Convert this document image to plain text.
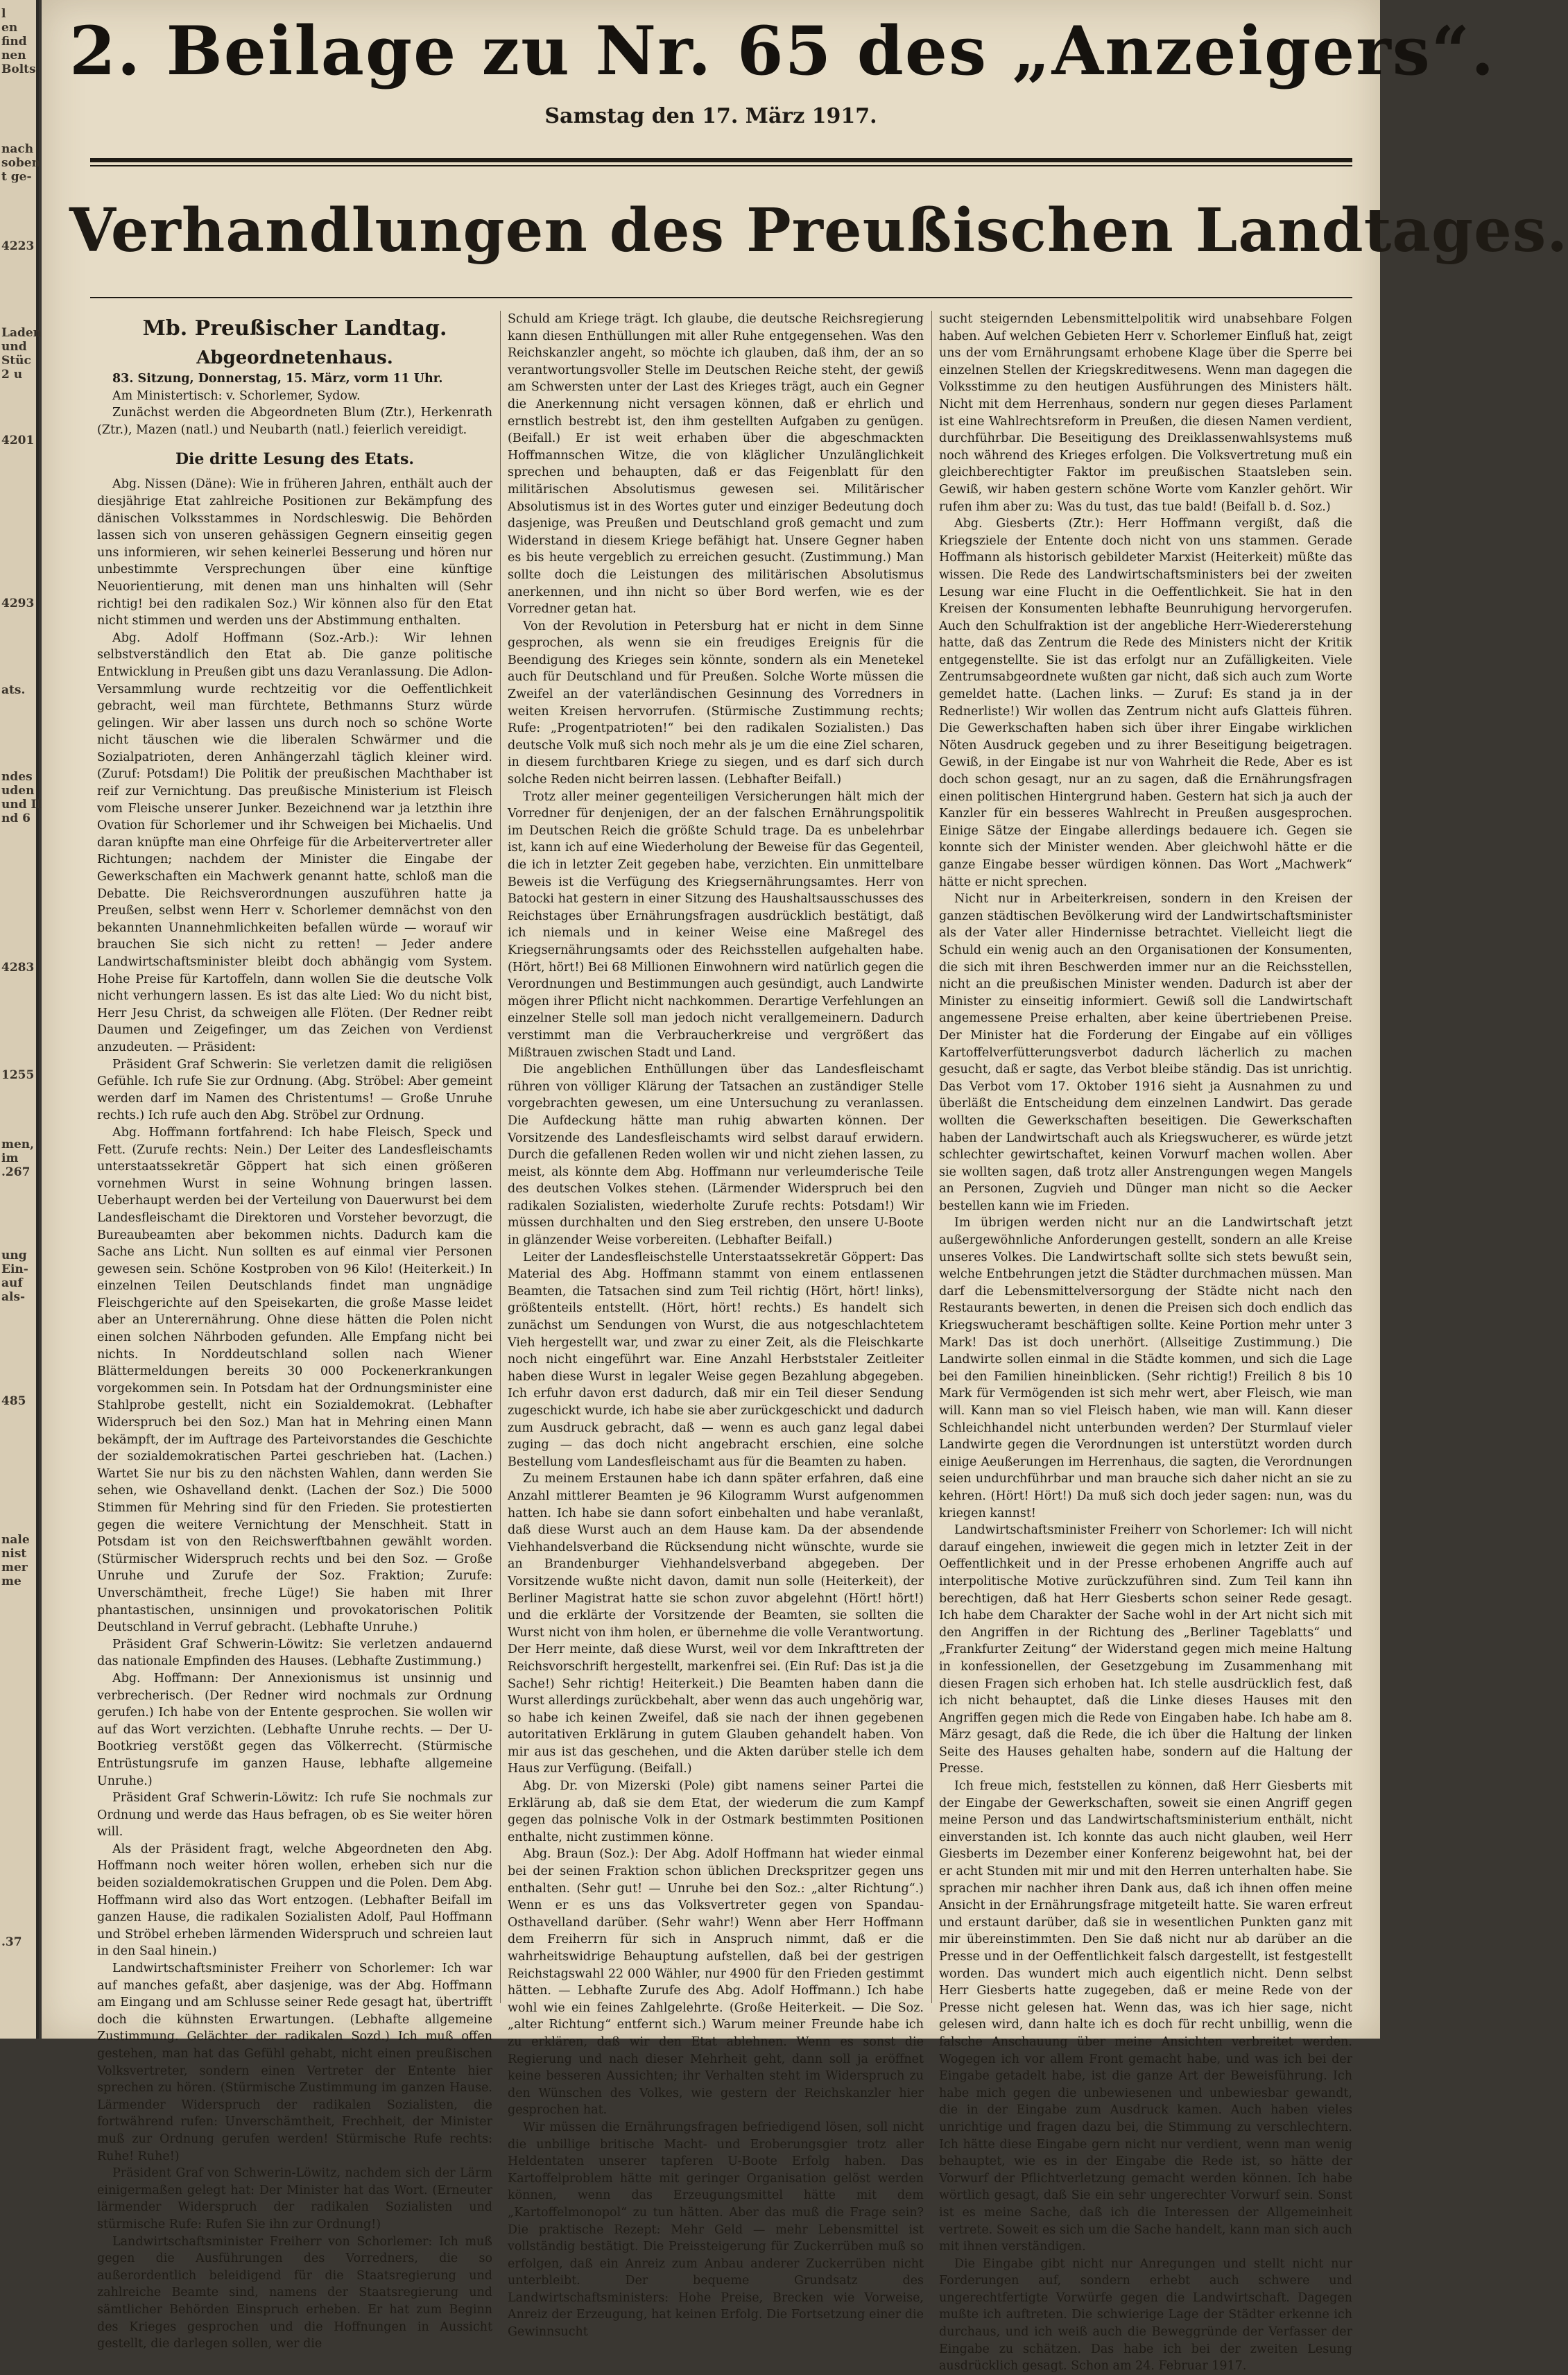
l
en
find
nen
Bolts
nach
soben
t ge-
4223
Laden
und
Stüc
2 u
4201
4293
ats.
ndes
uden
und II
nd 6
4283
1255
men,
im
.267
ung
Ein-
auf
als-
485
nale
nist
mer
me
.37
2. Beilage zu Nr. 65 des „Anzeigers“.
Samstag den 17. März 1917.
Verhandlungen des Preußischen Landtages.

Mb. Preußischer Landtag.

Abgeordnetenhaus.

83. Sitzung, Donnerstag, 15. März, vorm 11 Uhr.

Am Ministertisch: v. Schorlemer, Sydow.

Zunächst werden die Abgeordneten Blum (Ztr.), Herkenrath (Ztr.), Mazen (natl.) und Neubarth (natl.) feierlich vereidigt.

Die dritte Lesung des Etats.

Abg. Nissen (Däne): Wie in früheren Jahren, enthält auch der diesjährige Etat zahlreiche Positionen zur Bekämpfung des dänischen Volksstammes in Nordschleswig. Die Behörden lassen sich von unseren gehässigen Gegnern einseitig gegen uns informieren, wir sehen keinerlei Besserung und hören nur unbestimmte Versprechungen über eine künftige Neuorientierung, mit denen man uns hinhalten will (Sehr richtig! bei den radikalen Soz.) Wir können also für den Etat nicht stimmen und werden uns der Abstimmung enthalten.

Abg. Adolf Hoffmann (Soz.-Arb.): Wir lehnen selbstverständlich den Etat ab. Die ganze politische Entwicklung in Preußen gibt uns dazu Veranlassung. Die Adlon-Versammlung wurde rechtzeitig vor die Oeffentlichkeit gebracht, weil man fürchtete, Bethmanns Sturz würde gelingen. Wir aber lassen uns durch noch so schöne Worte nicht täuschen wie die liberalen Schwärmer und die Sozialpatrioten, deren Anhängerzahl täglich kleiner wird. (Zuruf: Potsdam!) Die Politik der preußischen Machthaber ist reif zur Vernichtung. Das preußische Ministerium ist Fleisch vom Fleische unserer Junker. Bezeichnend war ja letzthin ihre Ovation für Schorlemer und ihr Schweigen bei Michaelis. Und daran knüpfte man eine Ohrfeige für die Arbeitervertreter aller Richtungen; nachdem der Minister die Eingabe der Gewerkschaften ein Machwerk genannt hatte, schloß man die Debatte. Die Reichsverordnungen auszuführen hatte ja Preußen, selbst wenn Herr v. Schorlemer demnächst von den bekannten Unannehmlichkeiten befallen würde — worauf wir brauchen Sie sich nicht zu retten! — Jeder andere Landwirtschaftsminister bleibt doch abhängig vom System. Hohe Preise für Kartoffeln, dann wollen Sie die deutsche Volk nicht verhungern lassen. Es ist das alte Lied: Wo du nicht bist, Herr Jesu Christ, da schweigen alle Flöten. (Der Redner reibt Daumen und Zeigefinger, um das Zeichen von Verdienst anzudeuten. — Präsident:

Präsident Graf Schwerin: Sie verletzen damit die religiösen Gefühle. Ich rufe Sie zur Ordnung. (Abg. Ströbel: Aber gemeint werden darf im Namen des Christentums! — Große Unruhe rechts.) Ich rufe auch den Abg. Ströbel zur Ordnung.

Abg. Hoffmann fortfahrend: Ich habe Fleisch, Speck und Fett. (Zurufe rechts: Nein.) Der Leiter des Landesfleischamts unterstaatssekretär Göppert hat sich einen größeren vornehmen Wurst in seine Wohnung bringen lassen. Ueberhaupt werden bei der Verteilung von Dauerwurst bei dem Landesfleischamt die Direktoren und Vorsteher bevorzugt, die Bureaubeamten aber bekommen nichts. Dadurch kam die Sache ans Licht. Nun sollten es auf einmal vier Personen gewesen sein. Schöne Kostproben von 96 Kilo! (Heiterkeit.) In einzelnen Teilen Deutschlands findet man ungnädige Fleischgerichte auf den Speisekarten, die große Masse leidet aber an Unterernährung. Ohne diese hätten die Polen nicht einen solchen Nährboden gefunden. Alle Empfang nicht bei nichts. In Norddeutschland sollen nach Wiener Blättermeldungen bereits 30 000 Pockenerkrankungen vorgekommen sein. In Potsdam hat der Ordnungsminister eine Stahlprobe gestellt, nicht ein Sozialdemokrat. (Lebhafter Widerspruch bei den Soz.) Man hat in Mehring einen Mann bekämpft, der im Auftrage des Parteivorstandes die Geschichte der sozialdemokratischen Partei geschrieben hat. (Lachen.) Wartet Sie nur bis zu den nächsten Wahlen, dann werden Sie sehen, wie Oshavelland denkt. (Lachen der Soz.) Die 5000 Stimmen für Mehring sind für den Frieden. Sie protestierten gegen die weitere Vernichtung der Menschheit. Statt in Potsdam ist von den Reichswerftbahnen gewählt worden. (Stürmischer Widerspruch rechts und bei den Soz. — Große Unruhe und Zurufe der Soz. Fraktion; Zurufe: Unverschämtheit, freche Lüge!) Sie haben mit Ihrer phantastischen, unsinnigen und provokatorischen Politik Deutschland in Verruf gebracht. (Lebhafte Unruhe.)

Präsident Graf Schwerin-Löwitz: Sie verletzen andauernd das nationale Empfinden des Hauses. (Lebhafte Zustimmung.)

Abg. Hoffmann: Der Annexionismus ist unsinnig und verbrecherisch. (Der Redner wird nochmals zur Ordnung gerufen.) Ich habe von der Entente gesprochen. Sie wollen wir auf das Wort verzichten. (Lebhafte Unruhe rechts. — Der U-Bootkrieg verstößt gegen das Völkerrecht. (Stürmische Entrüstungsrufe im ganzen Hause, lebhafte allgemeine Unruhe.)

Präsident Graf Schwerin-Löwitz: Ich rufe Sie nochmals zur Ordnung und werde das Haus befragen, ob es Sie weiter hören will.

Als der Präsident fragt, welche Abgeordneten den Abg. Hoffmann noch weiter hören wollen, erheben sich nur die beiden sozialdemokratischen Gruppen und die Polen. Dem Abg. Hoffmann wird also das Wort entzogen. (Lebhafter Beifall im ganzen Hause, die radikalen Sozialisten Adolf, Paul Hoffmann und Ströbel erheben lärmenden Widerspruch und schreien laut in den Saal hinein.)

Landwirtschaftsminister Freiherr von Schorlemer: Ich war auf manches gefaßt, aber dasjenige, was der Abg. Hoffmann am Eingang und am Schlusse seiner Rede gesagt hat, übertrifft doch die kühnsten Erwartungen. (Lebhafte allgemeine Zustimmung. Gelächter der radikalen Sozd.) Ich muß offen gestehen, man hat das Gefühl gehabt, nicht einen preußischen Volksvertreter, sondern einen Vertreter der Entente hier sprechen zu hören. (Stürmische Zustimmung im ganzen Hause. Lärmender Widerspruch der radikalen Sozialisten, die fortwährend rufen: Unverschämtheit, Frechheit, der Minister muß zur Ordnung gerufen werden! Stürmische Rufe rechts: Ruhe! Ruhe!)

Präsident Graf von Schwerin-Löwitz, nachdem sich der Lärm einigermaßen gelegt hat: Der Minister hat das Wort. (Erneuter lärmender Widerspruch der radikalen Sozialisten und stürmische Rufe: Rufen Sie ihn zur Ordnung!)

Landwirtschaftsminister Freiherr von Schorlemer: Ich muß gegen die Ausführungen des Vorredners, die so außerordentlich beleidigend für die Staatsregierung und zahlreiche Beamte sind, namens der Staatsregierung und sämtlicher Behörden Einspruch erheben. Er hat zum Beginn des Krieges gesprochen und die Hoffnungen in Aussicht gestellt, die darlegen sollen, wer die

Schuld am Kriege trägt. Ich glaube, die deutsche Reichsregierung kann diesen Enthüllungen mit aller Ruhe entgegensehen. Was den Reichskanzler angeht, so möchte ich glauben, daß ihm, der an so verantwortungsvoller Stelle im Deutschen Reiche steht, der gewiß am Schwersten unter der Last des Krieges trägt, auch ein Gegner die Anerkennung nicht versagen können, daß er ehrlich und ernstlich bestrebt ist, den ihm gestellten Aufgaben zu genügen. (Beifall.) Er ist weit erhaben über die abgeschmackten Hoffmannschen Witze, die von kläglicher Unzulänglichkeit sprechen und behaupten, daß er das Feigenblatt für den militärischen Absolutismus gewesen sei. Militärischer Absolutismus ist in des Wortes guter und einziger Bedeutung doch dasjenige, was Preußen und Deutschland groß gemacht und zum Widerstand in diesem Kriege befähigt hat. Unsere Gegner haben es bis heute vergeblich zu erreichen gesucht. (Zustimmung.) Man sollte doch die Leistungen des militärischen Absolutismus anerkennen, und ihn nicht so über Bord werfen, wie es der Vorredner getan hat.

Von der Revolution in Petersburg hat er nicht in dem Sinne gesprochen, als wenn sie ein freudiges Ereignis für die Beendigung des Krieges sein könnte, sondern als ein Menetekel auch für Deutschland und für Preußen. Solche Worte müssen die Zweifel an der vaterländischen Gesinnung des Vorredners in weiten Kreisen hervorrufen. (Stürmische Zustimmung rechts; Rufe: „Progentpatrioten!“ bei den radikalen Sozialisten.) Das deutsche Volk muß sich noch mehr als je um die eine Ziel scharen, in diesem furchtbaren Kriege zu siegen, und es darf sich durch solche Reden nicht beirren lassen. (Lebhafter Beifall.)

Trotz aller meiner gegenteiligen Versicherungen hält mich der Vorredner für denjenigen, der an der falschen Ernährungspolitik im Deutschen Reich die größte Schuld trage. Da es unbelehrbar ist, kann ich auf eine Wiederholung der Beweise für das Gegenteil, die ich in letzter Zeit gegeben habe, verzichten. Ein unmittelbare Beweis ist die Verfügung des Kriegsernährungsamtes. Herr von Batocki hat gestern in einer Sitzung des Haushaltsausschusses des Reichstages über Ernährungsfragen ausdrücklich bestätigt, daß ich niemals und in keiner Weise eine Maßregel des Kriegsernährungsamts oder des Reichsstellen aufgehalten habe. (Hört, hört!) Bei 68 Millionen Einwohnern wird natürlich gegen die Verordnungen und Bestimmungen auch gesündigt, auch Landwirte mögen ihrer Pflicht nicht nachkommen. Derartige Verfehlungen an einzelner Stelle soll man jedoch nicht verallgemeinern. Dadurch verstimmt man die Verbraucherkreise und vergrößert das Mißtrauen zwischen Stadt und Land.

Die angeblichen Enthüllungen über das Landesfleischamt rühren von völliger Klärung der Tatsachen an zuständiger Stelle vorgebrachten gewesen, um eine Untersuchung zu veranlassen. Die Aufdeckung hätte man ruhig abwarten können. Der Vorsitzende des Landesfleischamts wird selbst darauf erwidern. Durch die gefallenen Reden wollen wir und nicht ziehen lassen, zu meist, als könnte dem Abg. Hoffmann nur verleumderische Teile des deutschen Volkes stehen. (Lärmender Widerspruch bei den radikalen Sozialisten, wiederholte Zurufe rechts: Potsdam!) Wir müssen durchhalten und den Sieg erstreben, den unsere U-Boote in glänzender Weise vorbereiten. (Lebhafter Beifall.)

Leiter der Landesfleischstelle Unterstaatssekretär Göppert: Das Material des Abg. Hoffmann stammt von einem entlassenen Beamten, die Tatsachen sind zum Teil richtig (Hört, hört! links), größtenteils entstellt. (Hört, hört! rechts.) Es handelt sich zunächst um Sendungen von Wurst, die aus notgeschlachtetem Vieh hergestellt war, und zwar zu einer Zeit, als die Fleischkarte noch nicht eingeführt war. Eine Anzahl Herbststaler Zeitleiter haben diese Wurst in legaler Weise gegen Bezahlung abgegeben. Ich erfuhr davon erst dadurch, daß mir ein Teil dieser Sendung zugeschickt wurde, ich habe sie aber zurückgeschickt und dadurch zum Ausdruck gebracht, daß — wenn es auch ganz legal dabei zuging — das doch nicht angebracht erschien, eine solche Bestellung vom Landesfleischamt aus für die Beamten zu haben.

Zu meinem Erstaunen habe ich dann später erfahren, daß eine Anzahl mittlerer Beamten je 96 Kilogramm Wurst aufgenommen hatten. Ich habe sie dann sofort einbehalten und habe veranlaßt, daß diese Wurst auch an dem Hause kam. Da der absendende Viehhandelsverband die Rücksendung nicht wünschte, wurde sie an Brandenburger Viehhandelsverband abgegeben. Der Vorsitzende wußte nicht davon, damit nun solle (Heiterkeit), der Berliner Magistrat hatte sie schon zuvor abgelehnt (Hört! hört!) und die erklärte der Vorsitzende der Beamten, sie sollten die Wurst nicht von ihm holen, er übernehme die volle Verantwortung. Der Herr meinte, daß diese Wurst, weil vor dem Inkrafttreten der Reichsvorschrift hergestellt, markenfrei sei. (Ein Ruf: Das ist ja die Sache!) Sehr richtig! Heiterkeit.) Die Beamten haben dann die Wurst allerdings zurückbehalt, aber wenn das auch ungehörig war, so habe ich keinen Zweifel, daß sie nach der ihnen gegebenen autoritativen Erklärung in gutem Glauben gehandelt haben. Von mir aus ist das geschehen, und die Akten darüber stelle ich dem Haus zur Verfügung. (Beifall.)

Abg. Dr. von Mizerski (Pole) gibt namens seiner Partei die Erklärung ab, daß sie dem Etat, der wiederum die zum Kampf gegen das polnische Volk in der Ostmark bestimmten Positionen enthalte, nicht zustimmen könne.

Abg. Braun (Soz.): Der Abg. Adolf Hoffmann hat wieder einmal bei der seinen Fraktion schon üblichen Dreckspritzer gegen uns enthalten. (Sehr gut! — Unruhe bei den Soz.: „alter Richtung“.) Wenn er es uns das Volksvertreter gegen von Spandau-Osthavelland darüber. (Sehr wahr!) Wenn aber Herr Hoffmann dem Freiherrn für sich in Anspruch nimmt, daß er die wahrheitswidrige Behauptung aufstellen, daß bei der gestrigen Reichstagswahl 22 000 Wähler, nur 4900 für den Frieden gestimmt hätten. — Lebhafte Zurufe des Abg. Adolf Hoffmann.) Ich habe wohl wie ein feines Zahlgelehrte. (Große Heiterkeit. — Die Soz. „alter Richtung“ entfernt sich.) Warum meiner Freunde habe ich zu erklären, daß wir den Etat ablehnen. Wenn es sonst die Regierung und nach dieser Mehrheit geht, dann soll ja eröffnet keine besseren Aussichten; ihr Verhalten steht im Widerspruch zu den Wünschen des Volkes, wie gestern der Reichskanzler hier gesprochen hat.

Wir müssen die Ernährungsfragen befriedigend lösen, soll nicht die unbillige britische Macht- und Eroberungsgier trotz aller Heldentaten unserer tapferen U-Boote Erfolg haben. Das Kartoffelproblem hätte mit geringer Organisation gelöst werden können, wenn das Erzeugungsmittel hätte mit dem „Kartoffelmonopol“ zu tun hätten. Aber das muß die Frage sein? Die praktische Rezept: Mehr Geld — mehr Lebensmittel ist vollständig bestätigt. Die Preissteigerung für Zuckerrüben muß so erfolgen, daß ein Anreiz zum Anbau anderer Zuckerrüben nicht unterbleibt. Der bequeme Grundsatz des Landwirtschaftsministers: Hohe Preise, Brecken wie Vorweise, Anreiz der Erzeugung, hat keinen Erfolg. Die Fortsetzung einer die Gewinnsucht

sucht steigernden Lebensmittelpolitik wird unabsehbare Folgen haben. Auf welchen Gebieten Herr v. Schorlemer Einfluß hat, zeigt uns der vom Ernährungsamt erhobene Klage über die Sperre bei einzelnen Stellen der Kriegskreditwesens. Wenn man dagegen die Volksstimme zu den heutigen Ausführungen des Ministers hält. Nicht mit dem Herrenhaus, sondern nur gegen dieses Parlament ist eine Wahlrechtsreform in Preußen, die diesen Namen verdient, durchführbar. Die Beseitigung des Dreiklassenwahlsystems muß noch während des Krieges erfolgen. Die Volksvertretung muß ein gleichberechtigter Faktor im preußischen Staatsleben sein. Gewiß, wir haben gestern schöne Worte vom Kanzler gehört. Wir rufen ihm aber zu: Was du tust, das tue bald! (Beifall b. d. Soz.)

Abg. Giesberts (Ztr.): Herr Hoffmann vergißt, daß die Kriegsziele der Entente doch nicht von uns stammen. Gerade Hoffmann als historisch gebildeter Marxist (Heiterkeit) müßte das wissen. Die Rede des Landwirtschaftsministers bei der zweiten Lesung war eine Flucht in die Oeffentlichkeit. Sie hat in den Kreisen der Konsumenten lebhafte Beunruhigung hervorgerufen. Auch den Schulfraktion ist der angebliche Herr-Wiedererstehung hatte, daß das Zentrum die Rede des Ministers nicht der Kritik entgegenstellte. Sie ist das erfolgt nur an Zufälligkeiten. Viele Zentrumsabgeordnete wußten gar nicht, daß sich auch zum Worte gemeldet hatte. (Lachen links. — Zuruf: Es stand ja in der Rednerliste!) Wir wollen das Zentrum nicht aufs Glatteis führen. Die Gewerkschaften haben sich über ihrer Eingabe wirklichen Nöten Ausdruck gegeben und zu ihrer Beseitigung beigetragen. Gewiß, in der Eingabe ist nur von Wahrheit die Rede, Aber es ist doch schon gesagt, nur an zu sagen, daß die Ernährungsfragen einen politischen Hintergrund haben. Gestern hat sich ja auch der Kanzler für ein besseres Wahlrecht in Preußen ausgesprochen. Einige Sätze der Eingabe allerdings bedauere ich. Gegen sie konnte sich der Minister wenden. Aber gleichwohl hätte er die ganze Eingabe besser würdigen können. Das Wort „Machwerk“ hätte er nicht sprechen.

Nicht nur in Arbeiterkreisen, sondern in den Kreisen der ganzen städtischen Bevölkerung wird der Landwirtschaftsminister als der Vater aller Hindernisse betrachtet. Vielleicht liegt die Schuld ein wenig auch an den Organisationen der Konsumenten, die sich mit ihren Beschwerden immer nur an die Reichsstellen, nicht an die preußischen Minister wenden. Dadurch ist aber der Minister zu einseitig informiert. Gewiß soll die Landwirtschaft angemessene Preise erhalten, aber keine übertriebenen Preise. Der Minister hat die Forderung der Eingabe auf ein völliges Kartoffelverfütterungsverbot dadurch lächerlich zu machen gesucht, daß er sagte, das Verbot bleibe ständig. Das ist unrichtig. Das Verbot vom 17. Oktober 1916 sieht ja Ausnahmen zu und überläßt die Entscheidung dem einzelnen Landwirt. Das gerade wollten die Gewerkschaften beseitigen. Die Gewerkschaften haben der Landwirtschaft auch als Kriegswucherer, es würde jetzt schlechter gewirtschaftet, keinen Vorwurf machen wollen. Aber sie wollten sagen, daß trotz aller Anstrengungen wegen Mangels an Personen, Zugvieh und Dünger man nicht so die Aecker bestellen kann wie im Frieden.

Im übrigen werden nicht nur an die Landwirtschaft jetzt außergewöhnliche Anforderungen gestellt, sondern an alle Kreise unseres Volkes. Die Landwirtschaft sollte sich stets bewußt sein, welche Entbehrungen jetzt die Städter durchmachen müssen. Man darf die Lebensmittelversorgung der Städte nicht nach den Restaurants bewerten, in denen die Preisen sich doch endlich das Kriegswucheramt beschäftigen sollte. Keine Portion mehr unter 3 Mark! Das ist doch unerhört. (Allseitige Zustimmung.) Die Landwirte sollen einmal in die Städte kommen, und sich die Lage bei den Familien hineinblicken. (Sehr richtig!) Freilich 8 bis 10 Mark für Vermögenden ist sich mehr wert, aber Fleisch, wie man will. Kann man so viel Fleisch haben, wie man will. Kann dieser Schleichhandel nicht unterbunden werden? Der Sturmlauf vieler Landwirte gegen die Verordnungen ist unterstützt worden durch einige Aeußerungen im Herrenhaus, die sagten, die Verordnungen seien undurchführbar und man brauche sich daher nicht an sie zu kehren. (Hört! Hört!) Da muß sich doch jeder sagen: nun, was du kriegen kannst!

Landwirtschaftsminister Freiherr von Schorlemer: Ich will nicht darauf eingehen, inwieweit die gegen mich in letzter Zeit in der Oeffentlichkeit und in der Presse erhobenen Angriffe auch auf interpolitische Motive zurückzuführen sind. Zum Teil kann ihn berechtigen, daß hat Herr Giesberts schon seiner Rede gesagt. Ich habe dem Charakter der Sache wohl in der Art nicht sich mit den Angriffen in der Richtung des „Berliner Tageblatts“ und „Frankfurter Zeitung“ der Widerstand gegen mich meine Haltung in konfessionellen, der Gesetzgebung im Zusammenhang mit diesen Fragen sich erhoben hat. Ich stelle ausdrücklich fest, daß ich nicht behauptet, daß die Linke dieses Hauses mit den Angriffen gegen mich die Rede von Eingaben habe. Ich habe am 8. März gesagt, daß die Rede, die ich über die Haltung der linken Seite des Hauses gehalten habe, sondern auf die Haltung der Presse.

Ich freue mich, feststellen zu können, daß Herr Giesberts mit der Eingabe der Gewerkschaften, soweit sie einen Angriff gegen meine Person und das Landwirtschaftsministerium enthält, nicht einverstanden ist. Ich konnte das auch nicht glauben, weil Herr Giesberts im Dezember einer Konferenz beigewohnt hat, bei der er acht Stunden mit mir und mit den Herren unterhalten habe. Sie sprachen mir nachher ihren Dank aus, daß ich ihnen offen meine Ansicht in der Ernährungsfrage mitgeteilt hatte. Sie waren erfreut und erstaunt darüber, daß sie in wesentlichen Punkten ganz mit mir übereinstimmten. Den Sie daß nicht nur ab darüber an die Presse und in der Oeffentlichkeit falsch dargestellt, ist festgestellt worden. Das wundert mich auch eigentlich nicht. Denn selbst Herr Giesberts hatte zugegeben, daß er meine Rede von der Presse nicht gelesen hat. Wenn das, was ich hier sage, nicht gelesen wird, dann halte ich es doch für recht unbillig, wenn die falsche Anschauung über meine Ansichten verbreitet werden. Wogegen ich vor allem Front gemacht habe, und was ich bei der Eingabe getadelt habe, ist die ganze Art der Beweisführung. Ich habe mich gegen die unbewiesenen und unbewiesbar gewandt, die in der Eingabe zum Ausdruck kamen. Auch haben vieles unrichtige und fragen dazu bei, die Stimmung zu verschlechtern. Ich hätte diese Eingabe gern nicht nur verdient, wenn man wenig behauptet, wie es in der Eingabe die Rede ist, so hätte der Vorwurf der Pflichtverletzung gemacht werden können. Ich habe wörtlich gesagt, daß Sie ein sehr ungerechter Vorwurf sein. Sonst ist es meine Sache, daß ich die Interessen der Allgemeinheit vertrete. Soweit es sich um die Sache handelt, kann man sich auch mit ihnen verständigen.

Die Eingabe gibt nicht nur Anregungen und stellt nicht nur Forderungen auf, sondern erhebt auch schwere und ungerechtfertigte Vorwürfe gegen die Landwirtschaft. Dagegen mußte ich auftreten. Die schwierige Lage der Städter erkenne ich durchaus, und ich weiß auch die Beweggründe der Verfasser der Eingabe zu schätzen. Das habe ich bei der zweiten Lesung ausdrücklich gesagt. Schon am 24. Februar 1917.
